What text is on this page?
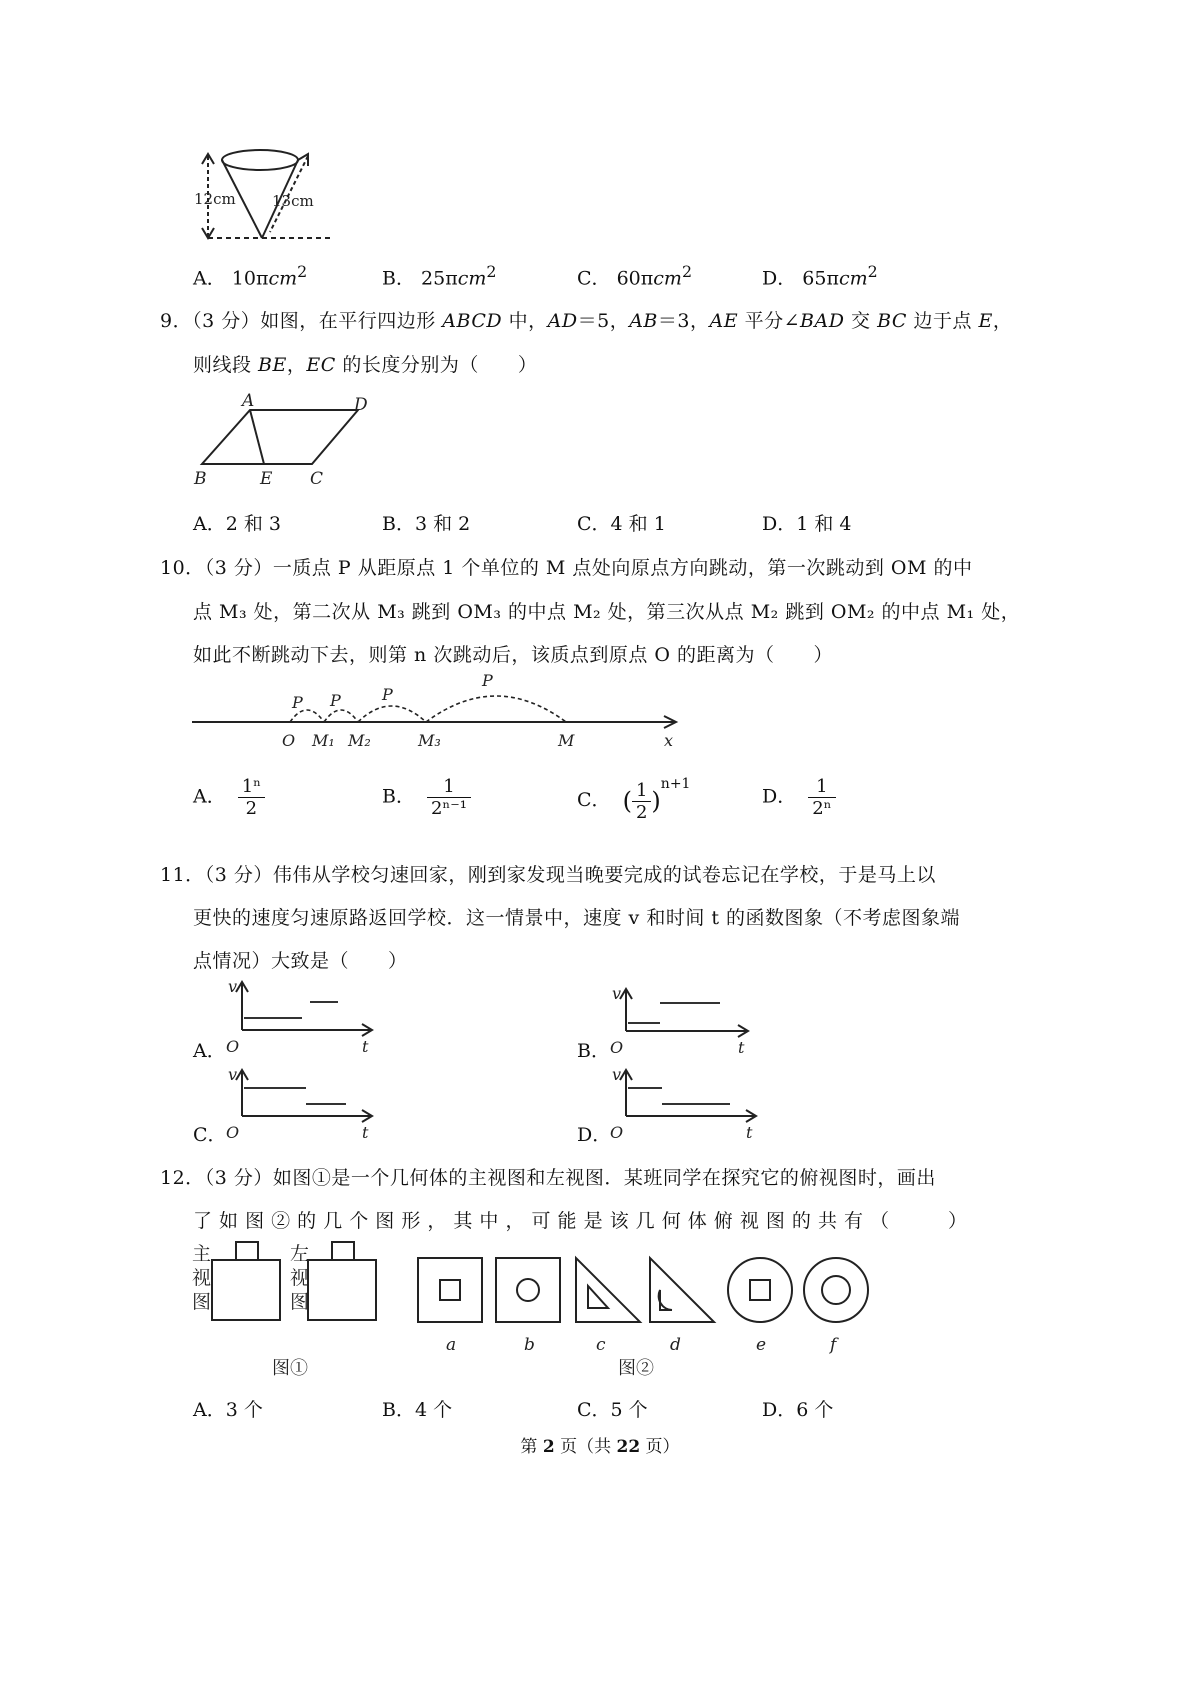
12cm 13cm
A． 10πcm$^2$	B． 25πcm$^2$	C． 60πcm$^2$	D． 65πcm$^2$
9．（3 分）如图，在平行四边形 ABCD 中，AD＝5，AB＝3，AE 平分∠BAD 交 BC 边于点 E，
则线段 BE，EC 的长度分别为（　　）
A	D
B	E C
A．2 和 3	B．3 和 2	C．4 和 1	D．1 和 4
10．（3 分）一质点 P 从距原点 1 个单位的 M 点处向原点方向跳动，第一次跳动到 OM 的中
点 M₃ 处，第二次从 M₃ 跳到 OM₃ 的中点 M₂ 处，第三次从点 M₂ 跳到 OM₂ 的中点 M₁ 处，
如此不断跳动下去，则第 n 次跳动后，该质点到原点 O 的距离为（　　）
P P	P
P
O M₁ M₂	M₃	M	x
A． $\frac{\text{1ⁿ}}{2}$	B． $\frac{1}{\text{2ⁿ⁻¹}}$	C． ( $\frac{1}{2} )^{n+1}$
D． $\frac{1}{\text{2ⁿ}}$
11．（3 分）伟伟从学校匀速回家，刚到家发现当晚要完成的试卷忘记在学校，于是马上以
更快的速度匀速原路返回学校．这一情景中，速度 v 和时间 t 的函数图象（不考虑图象端
点情况）大致是（　　）
A．
v
t
O	B．
v
t
O
C．
v
t
O	D．
v
t
O
12．（3 分）如图①是一个几何体的主视图和左视图．某班同学在探究它的俯视图时，画出
了 如 图 ② 的 几 个 图 形 ， 其 中 ， 可 能 是 该 几 何 体 俯 视 图 的 共 有 （　　　）
主
视
图
左
视
图
图①
a	b	c	d	e	f
图②
A．3 个	B．4 个	C．5 个	D．6 个
第 2 页（共 22 页）
